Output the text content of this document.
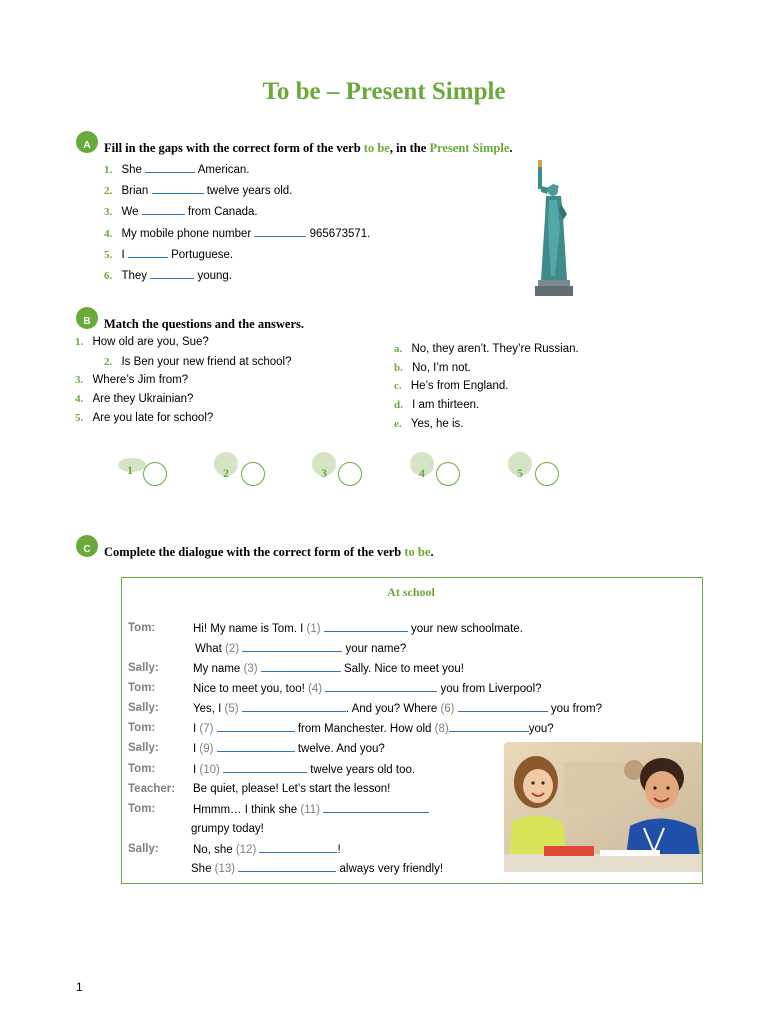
To be – Present Simple
A	Fill in the gaps with the correct form of the verb to be, in the Present Simple.
1. She	American.
2. Brian	twelve years old.
3. We	from Canada.
4. My mobile phone number	965673571.
5. I	Portuguese.
6. They	young.
B	Match the questions and the answers.
1. How old are you, Sue?
2. Is Ben your new friend at school?
3. Where’s Jim from?
4. Are they Ukrainian?
5. Are you late for school?
a. No, they aren’t. They’re Russian.
b. No, I’m not.
c. He’s from England.
d. I am thirteen.
e. Yes, he is.
1	2	3	4	5
C	Complete the dialogue with the correct form of the verb to be.
At school
Tom:	Hi! My name is Tom. I (1)	your new schoolmate.
What (2)	your name?
Sally:	My name (3)	Sally. Nice to meet you!
Tom:	Nice to meet you, too! (4)	you from Liverpool?
Sally:	Yes, I (5)	. And you? Where (6)	you from?
Tom:	I (7)	from Manchester. How old (8)	you?
Sally:	I (9)	twelve. And you?
Tom:	I (10)	twelve years old too.
Teacher: Be quiet, please! Let’s start the lesson!
Tom:	Hmmm… I think she (11)
grumpy today!
Sally:	No, she (12)	!
She (13)	always very friendly!
1
